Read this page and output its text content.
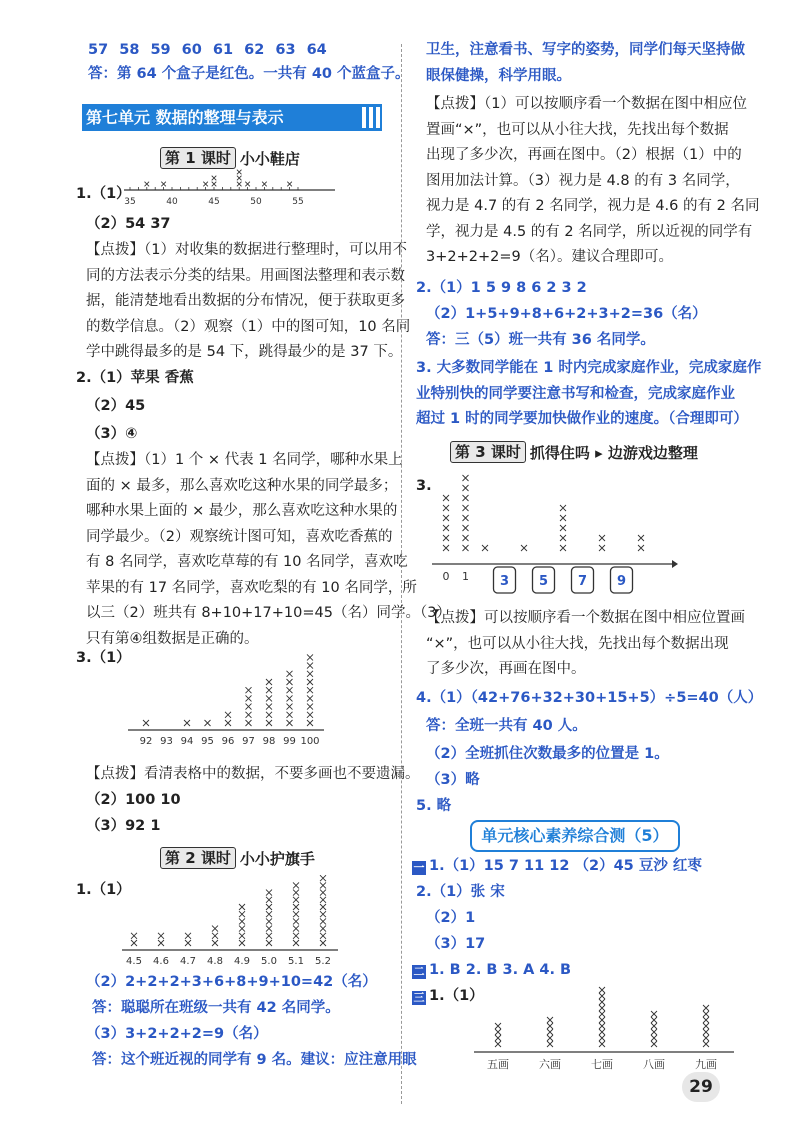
57 58 59 60 61 62 63 64
答：第 64 个盒子是红色。一共有 40 个蓝盒子。
第七单元 数据的整理与表示
第 1 课时 小小鞋店
1.（1）
35	40	45	50	55
（2）54 37
【点拨】（1）对收集的数据进行整理时，可以用不
同的方法表示分类的结果。用画图法整理和表示数
据，能清楚地看出数据的分布情况，便于获取更多
的数学信息。（2）观察（1）中的图可知，10 名同
学中跳得最多的是 54 下，跳得最少的是 37 下。
2.（1）苹果 香蕉
（2）45
（3）④
【点拨】（1）1 个 × 代表 1 名同学，哪种水果上
面的 × 最多，那么喜欢吃这种水果的同学最多；
哪种水果上面的 × 最少，那么喜欢吃这种水果的
同学最少。（2）观察统计图可知，喜欢吃香蕉的
有 8 名同学，喜欢吃草莓的有 10 名同学，喜欢吃
苹果的有 17 名同学，喜欢吃梨的有 10 名同学，所
以三（2）班共有 8+10+17+10=45（名）同学。（3）
只有第④组数据是正确的。
3.（1）
92 93 94 95 96 97 98 99 100
【点拨】看清表格中的数据，不要多画也不要遗漏。
（2）100 10
（3）92 1
第 2 课时 小小护旗手
1.（1）
4.5 4.6 4.7 4.8 4.9 5.0 5.1 5.2
（2）2+2+2+3+6+8+9+10=42（名）
答：聪聪所在班级一共有 42 名同学。
（3）3+2+2+2=9（名）
答：这个班近视的同学有 9 名。建议：应注意用眼
卫生，注意看书、写字的姿势，同学们每天坚持做
眼保健操，科学用眼。
【点拨】（1）可以按顺序看一个数据在图中相应位
置画“×”，也可以从小往大找，先找出每个数据
出现了多少次，再画在图中。（2）根据（1）中的
图用加法计算。（3）视力是 4.8 的有 3 名同学，
视力是 4.7 的有 2 名同学，视力是 4.6 的有 2 名同
学，视力是 4.5 的有 2 名同学，所以近视的同学有
3+2+2+2=9（名）。建议合理即可。
2.（1）1 5 9 8 6 2 3 2
（2）1+5+9+8+6+2+3+2=36（名）
答：三（5）班一共有 36 名同学。
3. 大多数同学能在 1 时内完成家庭作业，完成家庭作
业特别快的同学要注意书写和检查，完成家庭作业
超过 1 时的同学要加快做作业的速度。（合理即可）
第 3 课时 抓得住吗 ▸ 边游戏边整理
3.
0 1 3 5 7 9
【点拨】可以按顺序看一个数据在图中相应位置画
“×”，也可以从小往大找，先找出每个数据出现
了多少次，再画在图中。
4.（1）（42+76+32+30+15+5）÷5=40（人）
答：全班一共有 40 人。
（2）全班抓住次数最多的位置是 1。
（3）略
5. 略
单元核心素养综合测（5）
一 1.（1）15 7 11 12 （2）45 豆沙 红枣
2.（1）张 宋
（2）1
（3）17
二 1. B 2. B 3. A 4. B
三 1.（1）
五画	六画	七画	八画	九画
29
